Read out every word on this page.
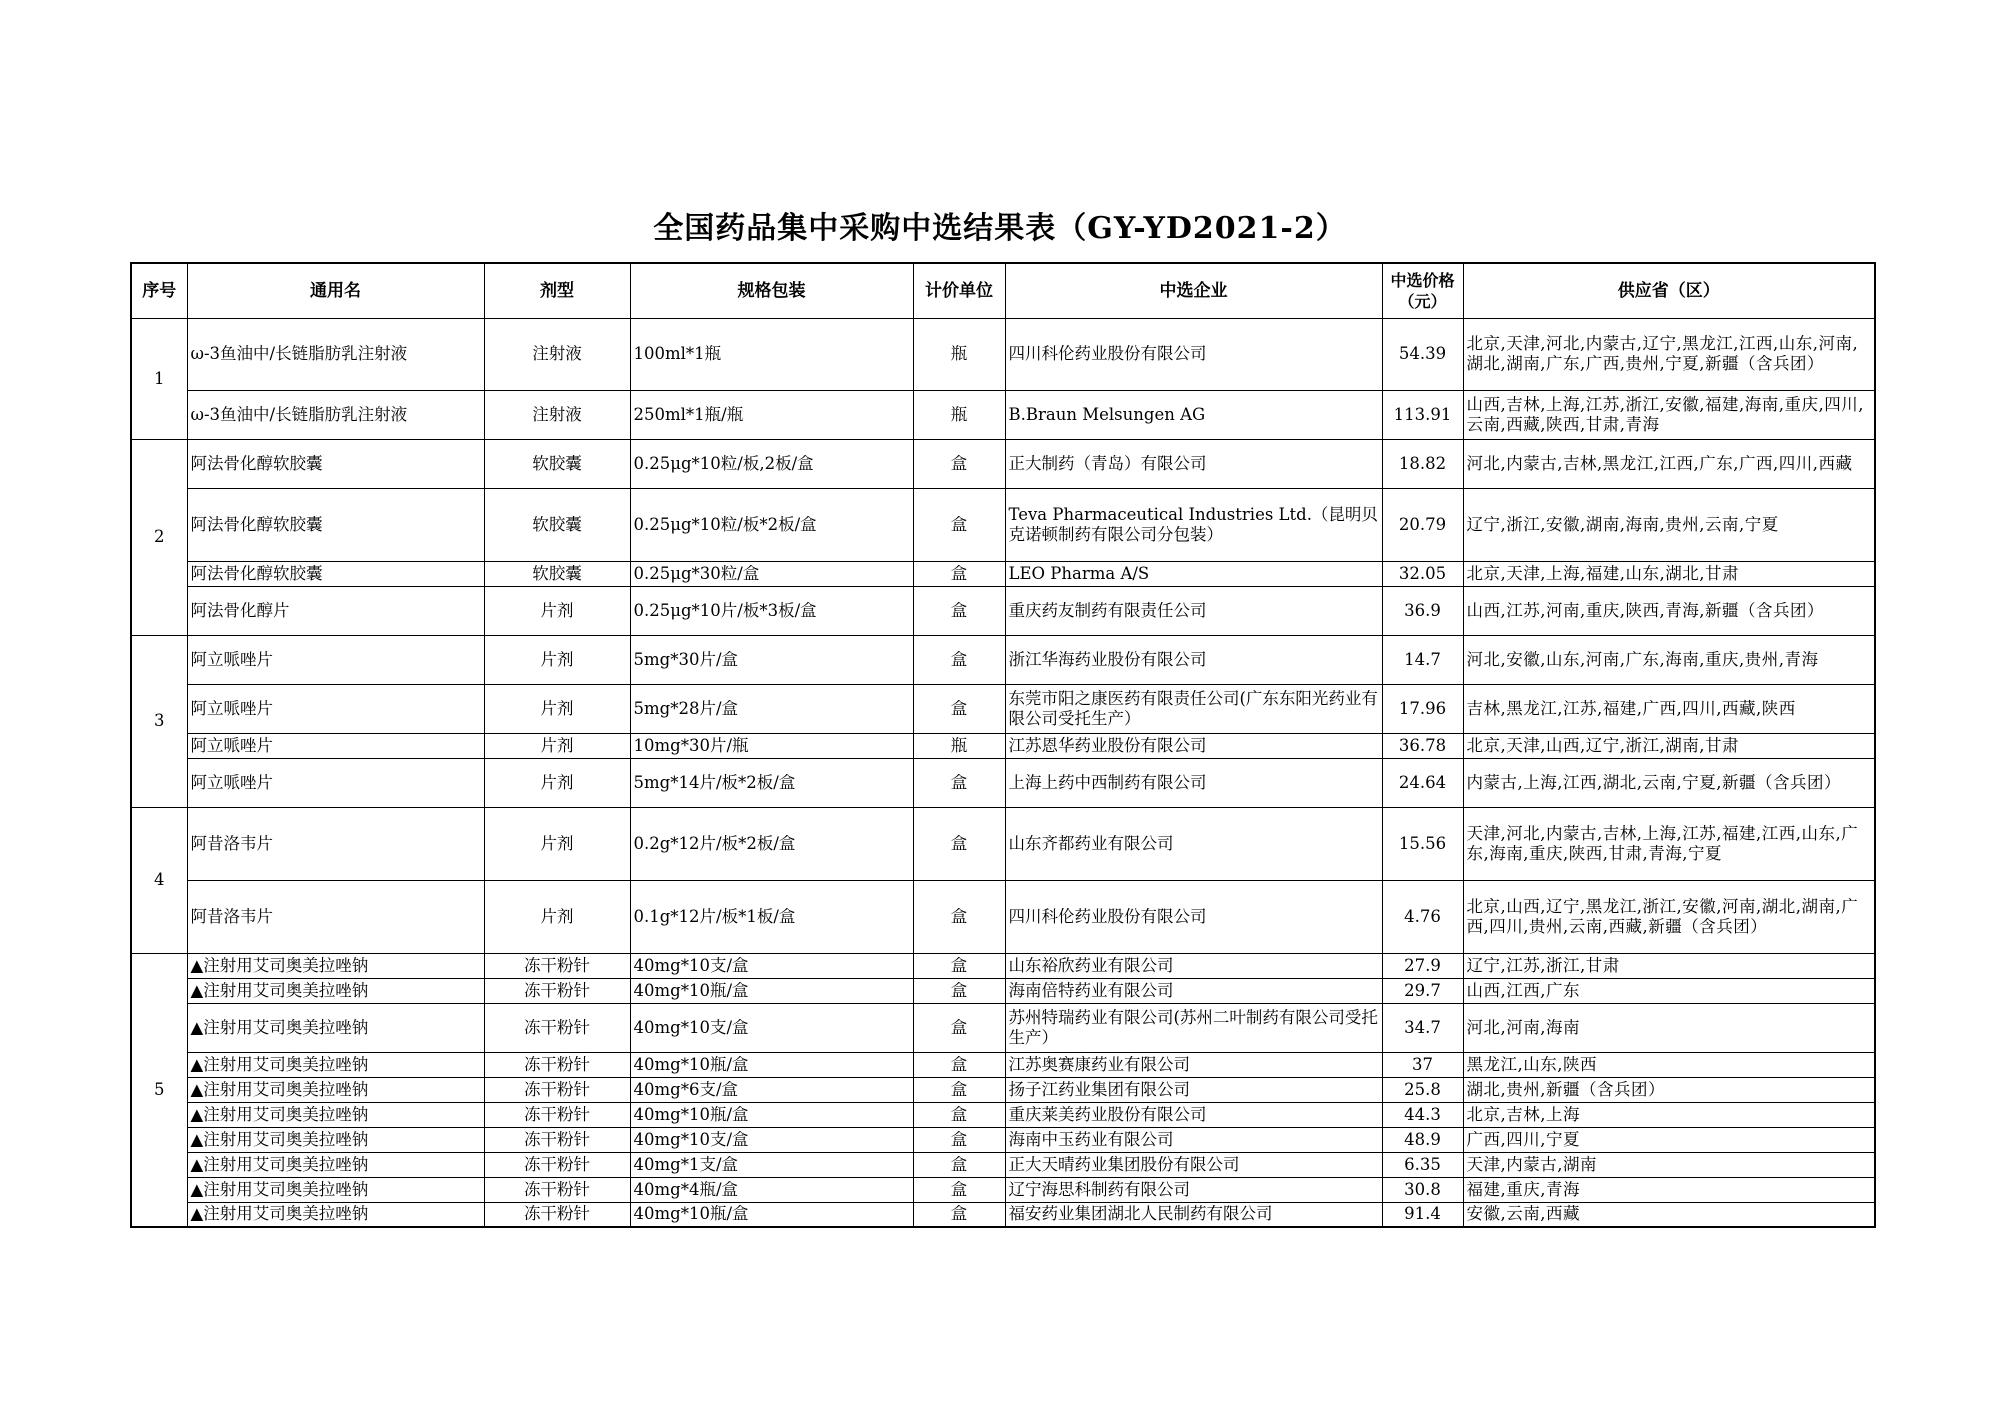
全国药品集中采购中选结果表（GY-YD2021-2）
序号	通用名	剂型	规格包装	计价单位	中选企业	中选价格（元）	供应省（区）
1	ω-3鱼油中/长链脂肪乳注射液	注射液	100ml*1瓶	瓶	四川科伦药业股份有限公司	54.39	北京,天津,河北,内蒙古,辽宁,黑龙江,江西,山东,河南,湖北,湖南,广东,广西,贵州,宁夏,新疆（含兵团）
	ω-3鱼油中/长链脂肪乳注射液	注射液	250ml*1瓶/瓶	瓶	B.Braun Melsungen AG	113.91	山西,吉林,上海,江苏,浙江,安徽,福建,海南,重庆,四川,云南,西藏,陕西,甘肃,青海
2	阿法骨化醇软胶囊	软胶囊	0.25μg*10粒/板,2板/盒	盒	正大制药（青岛）有限公司	18.82	河北,内蒙古,吉林,黑龙江,江西,广东,广西,四川,西藏
	阿法骨化醇软胶囊	软胶囊	0.25μg*10粒/板*2板/盒	盒	Teva Pharmaceutical Industries Ltd.（昆明贝克诺顿制药有限公司分包装）	20.79	辽宁,浙江,安徽,湖南,海南,贵州,云南,宁夏
	阿法骨化醇软胶囊	软胶囊	0.25μg*30粒/盒	盒	LEO Pharma A/S	32.05	北京,天津,上海,福建,山东,湖北,甘肃
	阿法骨化醇片	片剂	0.25μg*10片/板*3板/盒	盒	重庆药友制药有限责任公司	36.9	山西,江苏,河南,重庆,陕西,青海,新疆（含兵团）
3	阿立哌唑片	片剂	5mg*30片/盒	盒	浙江华海药业股份有限公司	14.7	河北,安徽,山东,河南,广东,海南,重庆,贵州,青海
	阿立哌唑片	片剂	5mg*28片/盒	盒	东莞市阳之康医药有限责任公司(广东东阳光药业有限公司受托生产）	17.96	吉林,黑龙江,江苏,福建,广西,四川,西藏,陕西
	阿立哌唑片	片剂	10mg*30片/瓶	瓶	江苏恩华药业股份有限公司	36.78	北京,天津,山西,辽宁,浙江,湖南,甘肃
	阿立哌唑片	片剂	5mg*14片/板*2板/盒	盒	上海上药中西制药有限公司	24.64	内蒙古,上海,江西,湖北,云南,宁夏,新疆（含兵团）
4	阿昔洛韦片	片剂	0.2g*12片/板*2板/盒	盒	山东齐都药业有限公司	15.56	天津,河北,内蒙古,吉林,上海,江苏,福建,江西,山东,广东,海南,重庆,陕西,甘肃,青海,宁夏
	阿昔洛韦片	片剂	0.1g*12片/板*1板/盒	盒	四川科伦药业股份有限公司	4.76	北京,山西,辽宁,黑龙江,浙江,安徽,河南,湖北,湖南,广西,四川,贵州,云南,西藏,新疆（含兵团）
5	▲注射用艾司奥美拉唑钠	冻干粉针	40mg*10支/盒	盒	山东裕欣药业有限公司	27.9	辽宁,江苏,浙江,甘肃
	▲注射用艾司奥美拉唑钠	冻干粉针	40mg*10瓶/盒	盒	海南倍特药业有限公司	29.7	山西,江西,广东
	▲注射用艾司奥美拉唑钠	冻干粉针	40mg*10支/盒	盒	苏州特瑞药业有限公司(苏州二叶制药有限公司受托生产）	34.7	河北,河南,海南
	▲注射用艾司奥美拉唑钠	冻干粉针	40mg*10瓶/盒	盒	江苏奥赛康药业有限公司	37	黑龙江,山东,陕西
	▲注射用艾司奥美拉唑钠	冻干粉针	40mg*6支/盒	盒	扬子江药业集团有限公司	25.8	湖北,贵州,新疆（含兵团）
	▲注射用艾司奥美拉唑钠	冻干粉针	40mg*10瓶/盒	盒	重庆莱美药业股份有限公司	44.3	北京,吉林,上海
	▲注射用艾司奥美拉唑钠	冻干粉针	40mg*10支/盒	盒	海南中玉药业有限公司	48.9	广西,四川,宁夏
	▲注射用艾司奥美拉唑钠	冻干粉针	40mg*1支/盒	盒	正大天晴药业集团股份有限公司	6.35	天津,内蒙古,湖南
	▲注射用艾司奥美拉唑钠	冻干粉针	40mg*4瓶/盒	盒	辽宁海思科制药有限公司	30.8	福建,重庆,青海
	▲注射用艾司奥美拉唑钠	冻干粉针	40mg*10瓶/盒	盒	福安药业集团湖北人民制药有限公司	91.4	安徽,云南,西藏
